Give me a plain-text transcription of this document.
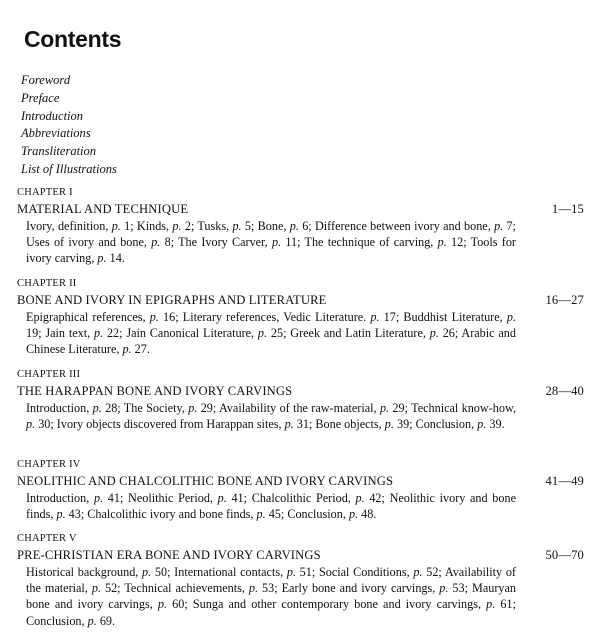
Contents
Foreword
Preface
Introduction
Abbreviations
Transliteration
List of Illustrations
CHAPTER I
MATERIAL AND TECHNIQUE	1—15
Ivory, definition, p. 1; Kinds, p. 2; Tusks, p. 5; Bone, p. 6; Difference between ivory and bone, p. 7; Uses of ivory and bone, p. 8; The Ivory Carver, p. 11; The technique of carving, p. 12; Tools for ivory carving, p. 14.
CHAPTER II
BONE AND IVORY IN EPIGRAPHS AND LITERATURE	16—27
Epigraphical references, p. 16; Literary references, Vedic Literature. p. 17; Buddhist Literature, p. 19; Jain text, p. 22; Jain Canonical Literature, p. 25; Greek and Latin Literature, p. 26; Arabic and Chinese Literature, p. 27.
CHAPTER III
THE HARAPPAN BONE AND IVORY CARVINGS	28—40
Introduction, p. 28; The Society, p. 29; Availability of the raw-material, p. 29; Technical know-how, p. 30; Ivory objects discovered from Harappan sites, p. 31; Bone objects, p. 39; Conclusion, p. 39.
CHAPTER IV
NEOLITHIC AND CHALCOLITHIC BONE AND IVORY CARVINGS	41—49
Introduction, p. 41; Neolithic Period, p. 41; Chalcolithic Period, p. 42; Neolithic ivory and bone finds, p. 43; Chalcolithic ivory and bone finds, p. 45; Conclusion, p. 48.
CHAPTER V
PRE-CHRISTIAN ERA BONE AND IVORY CARVINGS	50—70
Historical background, p. 50; International contacts, p. 51; Social Conditions, p. 52; Availability of the material, p. 52; Technical achievements, p. 53; Early bone and ivory carvings, p. 53; Mauryan bone and ivory carvings, p. 60; Sunga and other contemporary bone and ivory carvings, p. 61; Conclusion, p. 69.
